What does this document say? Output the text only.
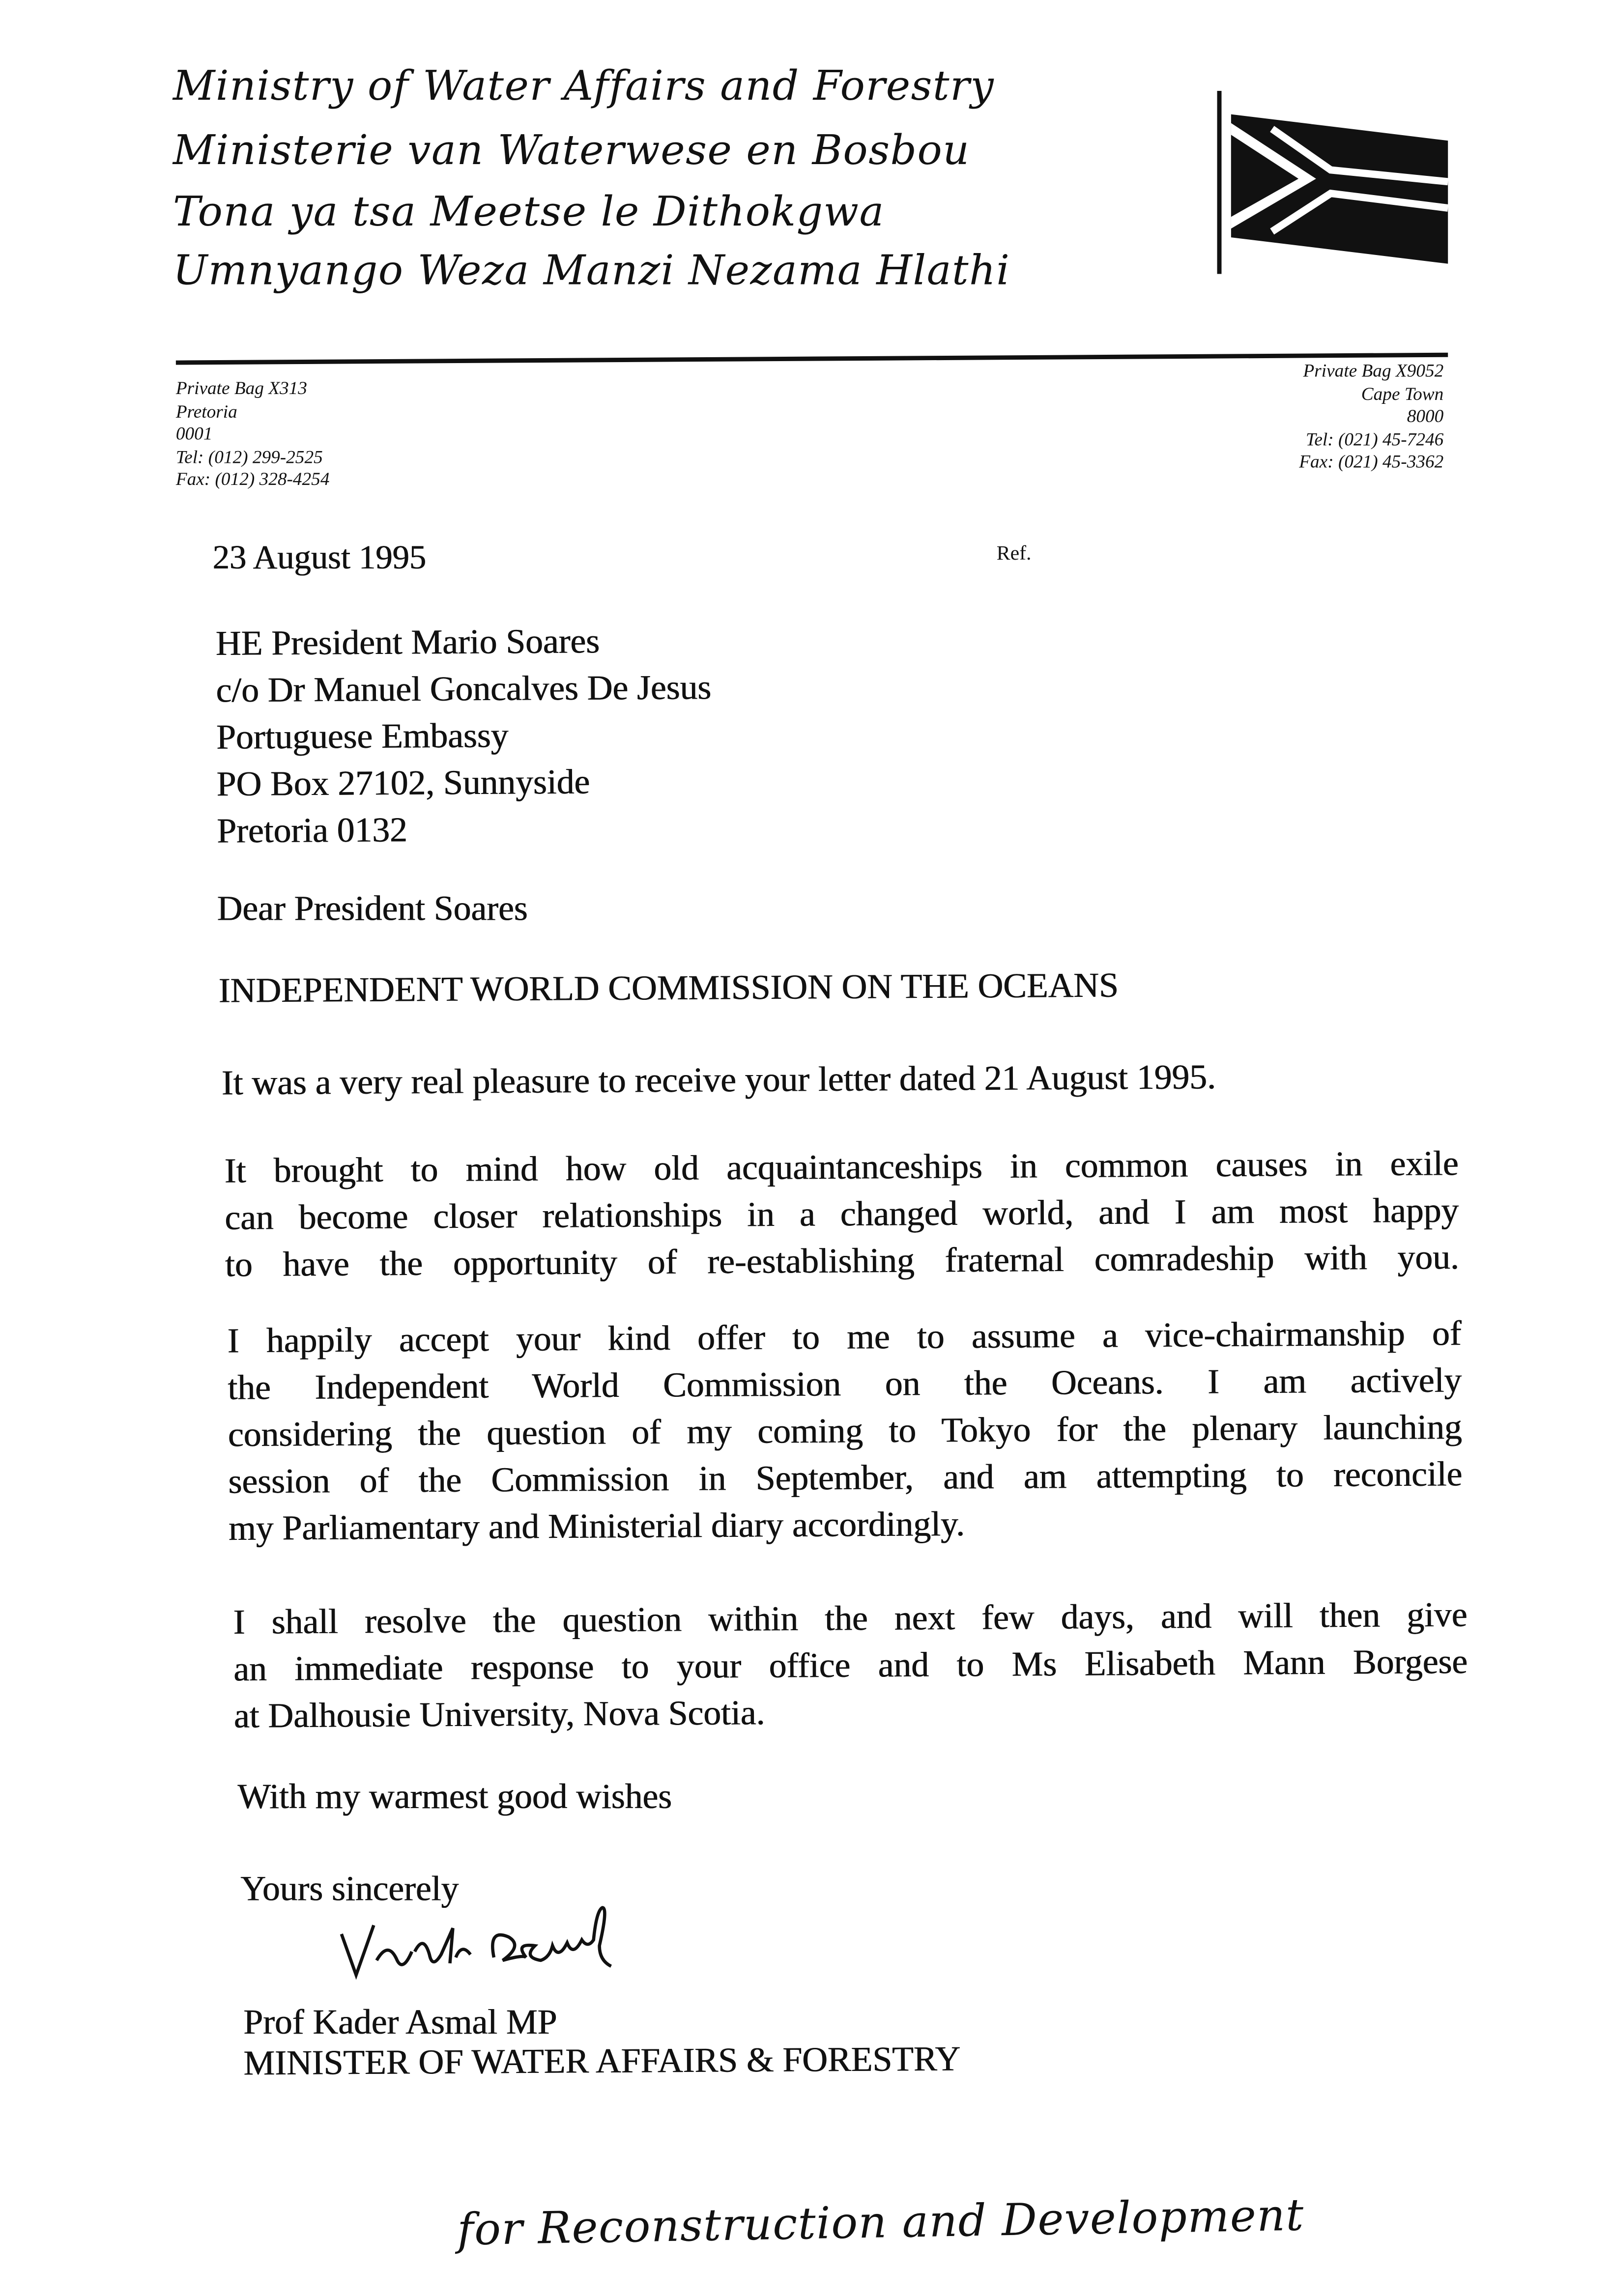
Ministry of Water Affairs and Forestry
Ministerie van Waterwese en Bosbou
Tona ya tsa Meetse le Dithokgwa
Umnyango Weza Manzi Nezama Hlathi
Private Bag X313
Pretoria
0001
Tel: (012) 299-2525
Fax: (012) 328-4254
Private Bag X9052
Cape Town
8000
Tel: (021) 45-7246
Fax: (021) 45-3362
23 August 1995	Ref.
HE President Mario Soares
c/o Dr Manuel Goncalves De Jesus
Portuguese Embassy
PO Box 27102, Sunnyside
Pretoria 0132
Dear President Soares
INDEPENDENT WORLD COMMISSION ON THE OCEANS
It was a very real pleasure to receive your letter dated 21 August 1995.
It brought to mind how old acquaintanceships in common causes in exile
can become closer relationships in a changed world, and I am most happy
to have the opportunity of re-establishing fraternal comradeship with you.
I happily accept your kind offer to me to assume a vice-chairmanship of
the Independent World Commission on the Oceans. I am actively
considering the question of my coming to Tokyo for the plenary launching
session of the Commission in September, and am attempting to reconcile
my Parliamentary and Ministerial diary accordingly.
I shall resolve the question within the next few days, and will then give
an immediate response to your office and to Ms Elisabeth Mann Borgese
at Dalhousie University, Nova Scotia.
With my warmest good wishes
Yours sincerely
Prof Kader Asmal MP
MINISTER OF WATER AFFAIRS & FORESTRY
for Reconstruction and Development
